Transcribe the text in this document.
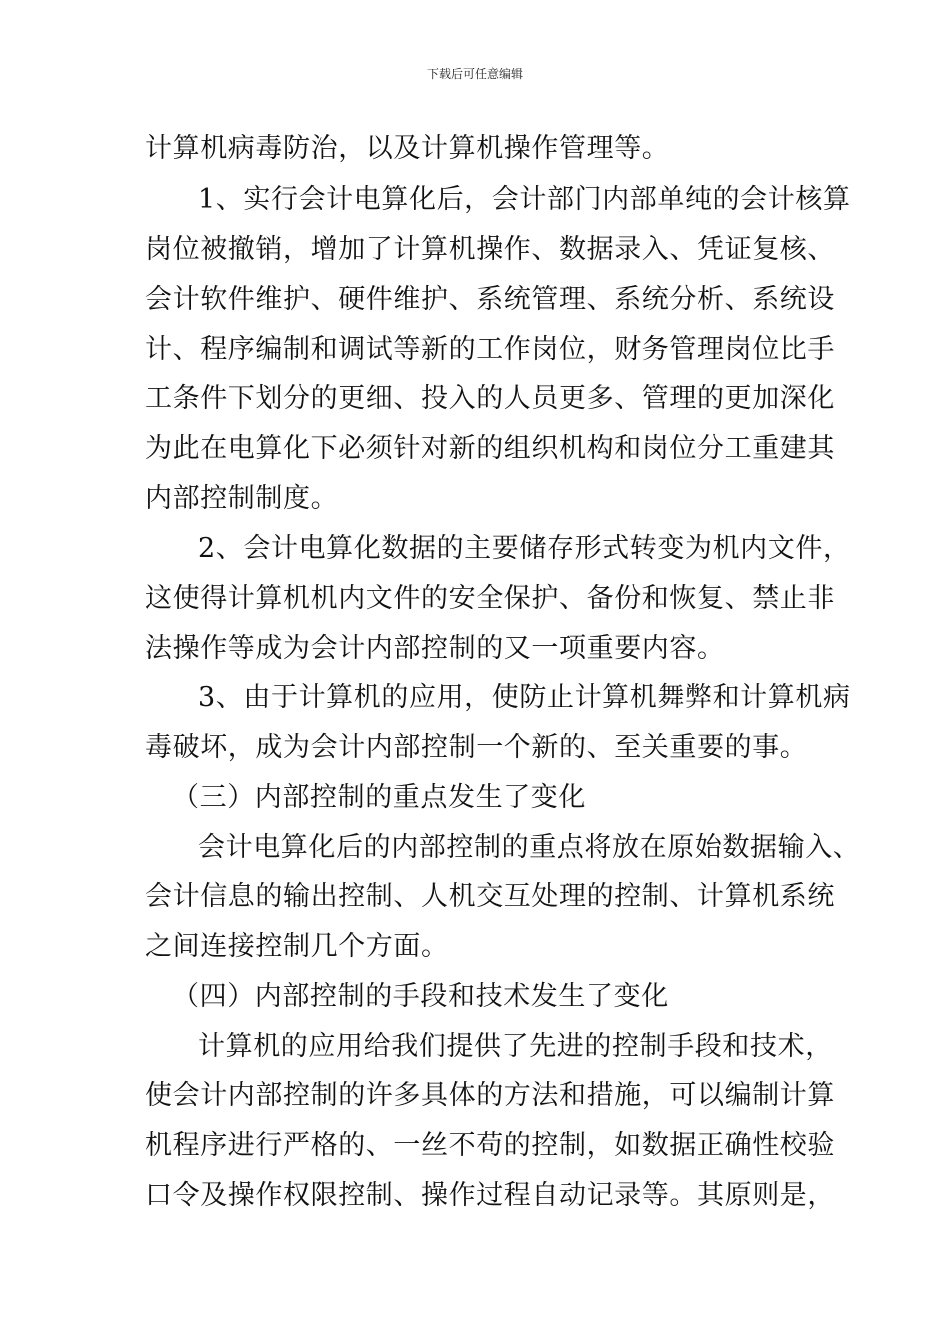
下载后可任意编辑
计算机病毒防治，以及计算机操作管理等。
1、实行会计电算化后，会计部门内部单纯的会计核算
岗位被撤销，增加了计算机操作、数据录入、凭证复核、
会计软件维护、硬件维护、系统管理、系统分析、系统设
计、程序编制和调试等新的工作岗位，财务管理岗位比手
工条件下划分的更细、投入的人员更多、管理的更加深化
为此在电算化下必须针对新的组织机构和岗位分工重建其
内部控制制度。
2、会计电算化数据的主要储存形式转变为机内文件，
这使得计算机机内文件的安全保护、备份和恢复、禁止非
法操作等成为会计内部控制的又一项重要内容。
3、由于计算机的应用，使防止计算机舞弊和计算机病
毒破坏，成为会计内部控制一个新的、至关重要的事。
（三）内部控制的重点发生了变化
会计电算化后的内部控制的重点将放在原始数据输入、
会计信息的输出控制、人机交互处理的控制、计算机系统
之间连接控制几个方面。
（四）内部控制的手段和技术发生了变化
计算机的应用给我们提供了先进的控制手段和技术，
使会计内部控制的许多具体的方法和措施，可以编制计算
机程序进行严格的、一丝不苟的控制，如数据正确性校验
口令及操作权限控制、操作过程自动记录等。其原则是，
